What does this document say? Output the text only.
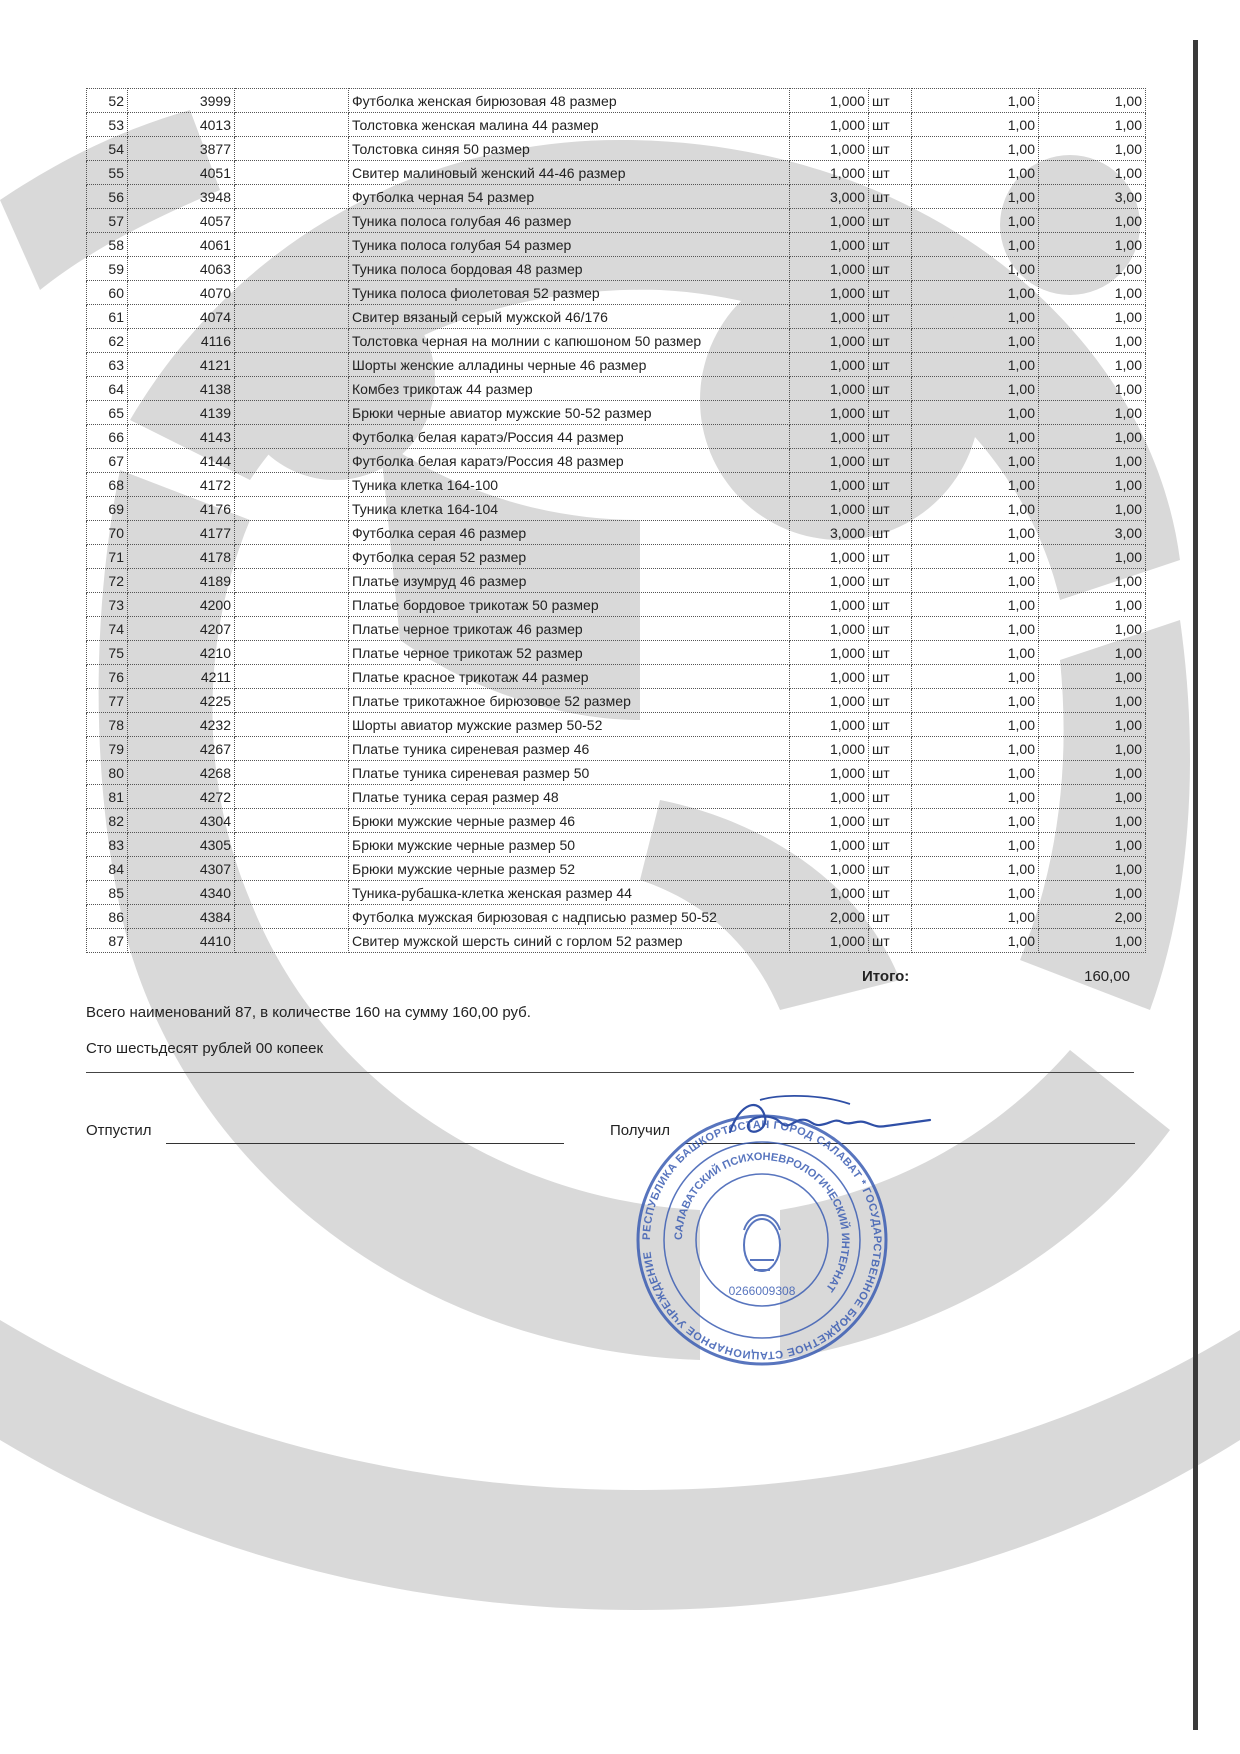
52	3999		Футболка женская бирюзовая 48 размер	1,000	шт	1,00	1,00
53	4013		Толстовка женская малина 44 размер	1,000	шт	1,00	1,00
54	3877		Толстовка синяя 50 размер	1,000	шт	1,00	1,00
55	4051		Свитер малиновый женский 44-46 размер	1,000	шт	1,00	1,00
56	3948		Футболка черная 54 размер	3,000	шт	1,00	3,00
57	4057		Туника полоса голубая 46 размер	1,000	шт	1,00	1,00
58	4061		Туника полоса голубая 54 размер	1,000	шт	1,00	1,00
59	4063		Туника полоса бордовая 48 размер	1,000	шт	1,00	1,00
60	4070		Туника полоса фиолетовая 52 размер	1,000	шт	1,00	1,00
61	4074		Свитер вязаный серый мужской 46/176	1,000	шт	1,00	1,00
62	4116		Толстовка черная на молнии с капюшоном 50 размер	1,000	шт	1,00	1,00
63	4121		Шорты женские алладины черные 46 размер	1,000	шт	1,00	1,00
64	4138		Комбез трикотаж 44 размер	1,000	шт	1,00	1,00
65	4139		Брюки черные авиатор мужские 50-52 размер	1,000	шт	1,00	1,00
66	4143		Футболка белая каратэ/Россия 44 размер	1,000	шт	1,00	1,00
67	4144		Футболка белая каратэ/Россия 48 размер	1,000	шт	1,00	1,00
68	4172		Туника клетка 164-100	1,000	шт	1,00	1,00
69	4176		Туника клетка 164-104	1,000	шт	1,00	1,00
70	4177		Футболка серая 46 размер	3,000	шт	1,00	3,00
71	4178		Футболка серая 52 размер	1,000	шт	1,00	1,00
72	4189		Платье изумруд 46 размер	1,000	шт	1,00	1,00
73	4200		Платье бордовое трикотаж 50 размер	1,000	шт	1,00	1,00
74	4207		Платье черное трикотаж 46 размер	1,000	шт	1,00	1,00
75	4210		Платье черное трикотаж 52 размер	1,000	шт	1,00	1,00
76	4211		Платье красное трикотаж 44 размер	1,000	шт	1,00	1,00
77	4225		Платье трикотажное бирюзовое 52 размер	1,000	шт	1,00	1,00
78	4232		Шорты авиатор мужские размер 50-52	1,000	шт	1,00	1,00
79	4267		Платье туника сиреневая размер 46	1,000	шт	1,00	1,00
80	4268		Платье туника сиреневая размер 50	1,000	шт	1,00	1,00
81	4272		Платье туника серая размер 48	1,000	шт	1,00	1,00
82	4304		Брюки мужские черные размер 46	1,000	шт	1,00	1,00
83	4305		Брюки мужские черные размер 50	1,000	шт	1,00	1,00
84	4307		Брюки мужские черные размер 52	1,000	шт	1,00	1,00
85	4340		Туника-рубашка-клетка женская размер 44	1,000	шт	1,00	1,00
86	4384		Футболка мужская бирюзовая с надписью размер 50-52	2,000	шт	1,00	2,00
87	4410		Свитер мужской шерсть синий с горлом 52 размер	1,000	шт	1,00	1,00
Итого:	160,00
Всего наименований 87, в количестве 160 на сумму 160,00 руб.
Сто шестьдесят рублей 00 копеек
Отпустил	Получил
РЕСПУБЛИКА БАШКОРТОСТАН ГОРОД САЛАВАТ * ГОСУДАРСТВЕННОЕ БЮДЖЕТНОЕ СТАЦИОНАРНОЕ УЧРЕЖДЕНИЕ
САЛАВАТСКИЙ ПСИХОНЕВРОЛОГИЧЕСКИЙ ИНТЕРНАТ
0266009308
